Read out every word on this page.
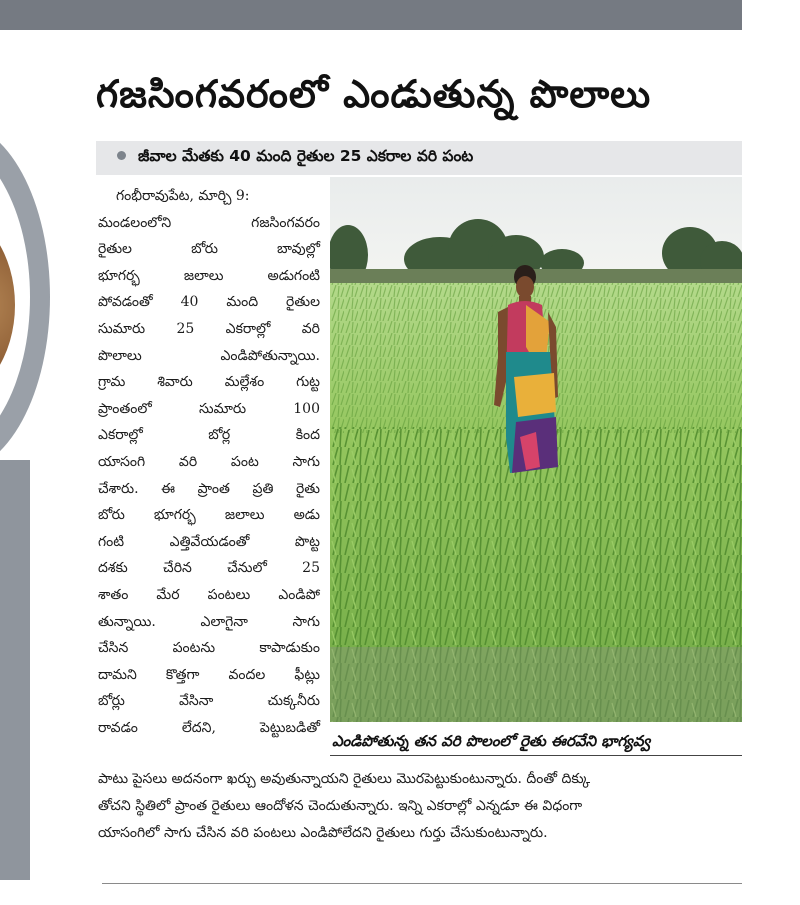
గజసింగవరంలో ఎండుతున్న పొలాలు
జీవాల మేతకు 40 మంది రైతుల 25 ఎకరాల వరి పంట
గంభీరావుపేట, మార్చి 9:
మండలంలోని గజసింగవరం
రైతుల బోరు బావుల్లో
భూగర్భ జలాలు అడుగంటి
పోవడంతో 40 మంది రైతుల
సుమారు 25 ఎకరాల్లో వరి
పొలాలు ఎండిపోతున్నాయి.
గ్రామ శివారు మల్లేశం గుట్ట
ప్రాంతంలో సుమారు 100
ఎకరాల్లో బోర్ల కింద
యాసంగి వరి పంట సాగు
చేశారు. ఈ ప్రాంత ప్రతి రైతు
బోరు భూగర్భ జలాలు అడు
గంటి ఎత్తివేయడంతో పొట్ట
దశకు చేరిన చేనులో 25
శాతం మేర పంటలు ఎండిపో
తున్నాయి. ఎలాగైనా సాగు
చేసిన పంటను కాపాడుకుం
దామని కొత్తగా వందల ఫీట్లు
బోర్లు వేసినా చుక్కనీరు
రావడం లేదని, పెట్టుబడితో
ఎండిపోతున్న తన వరి పొలంలో రైతు ఈరవేని భాగ్యవ్వ
పాటు పైసలు అదనంగా ఖర్చు అవుతున్నాయని రైతులు మొరపెట్టుకుంటున్నారు. దీంతో దిక్కు
తోచని స్థితిలో ప్రాంత రైతులు ఆందోళన చెందుతున్నారు. ఇన్ని ఎకరాల్లో ఎన్నడూ ఈ విధంగా
యాసంగిలో సాగు చేసిన వరి పంటలు ఎండిపోలేదని రైతులు గుర్తు చేసుకుంటున్నారు.
